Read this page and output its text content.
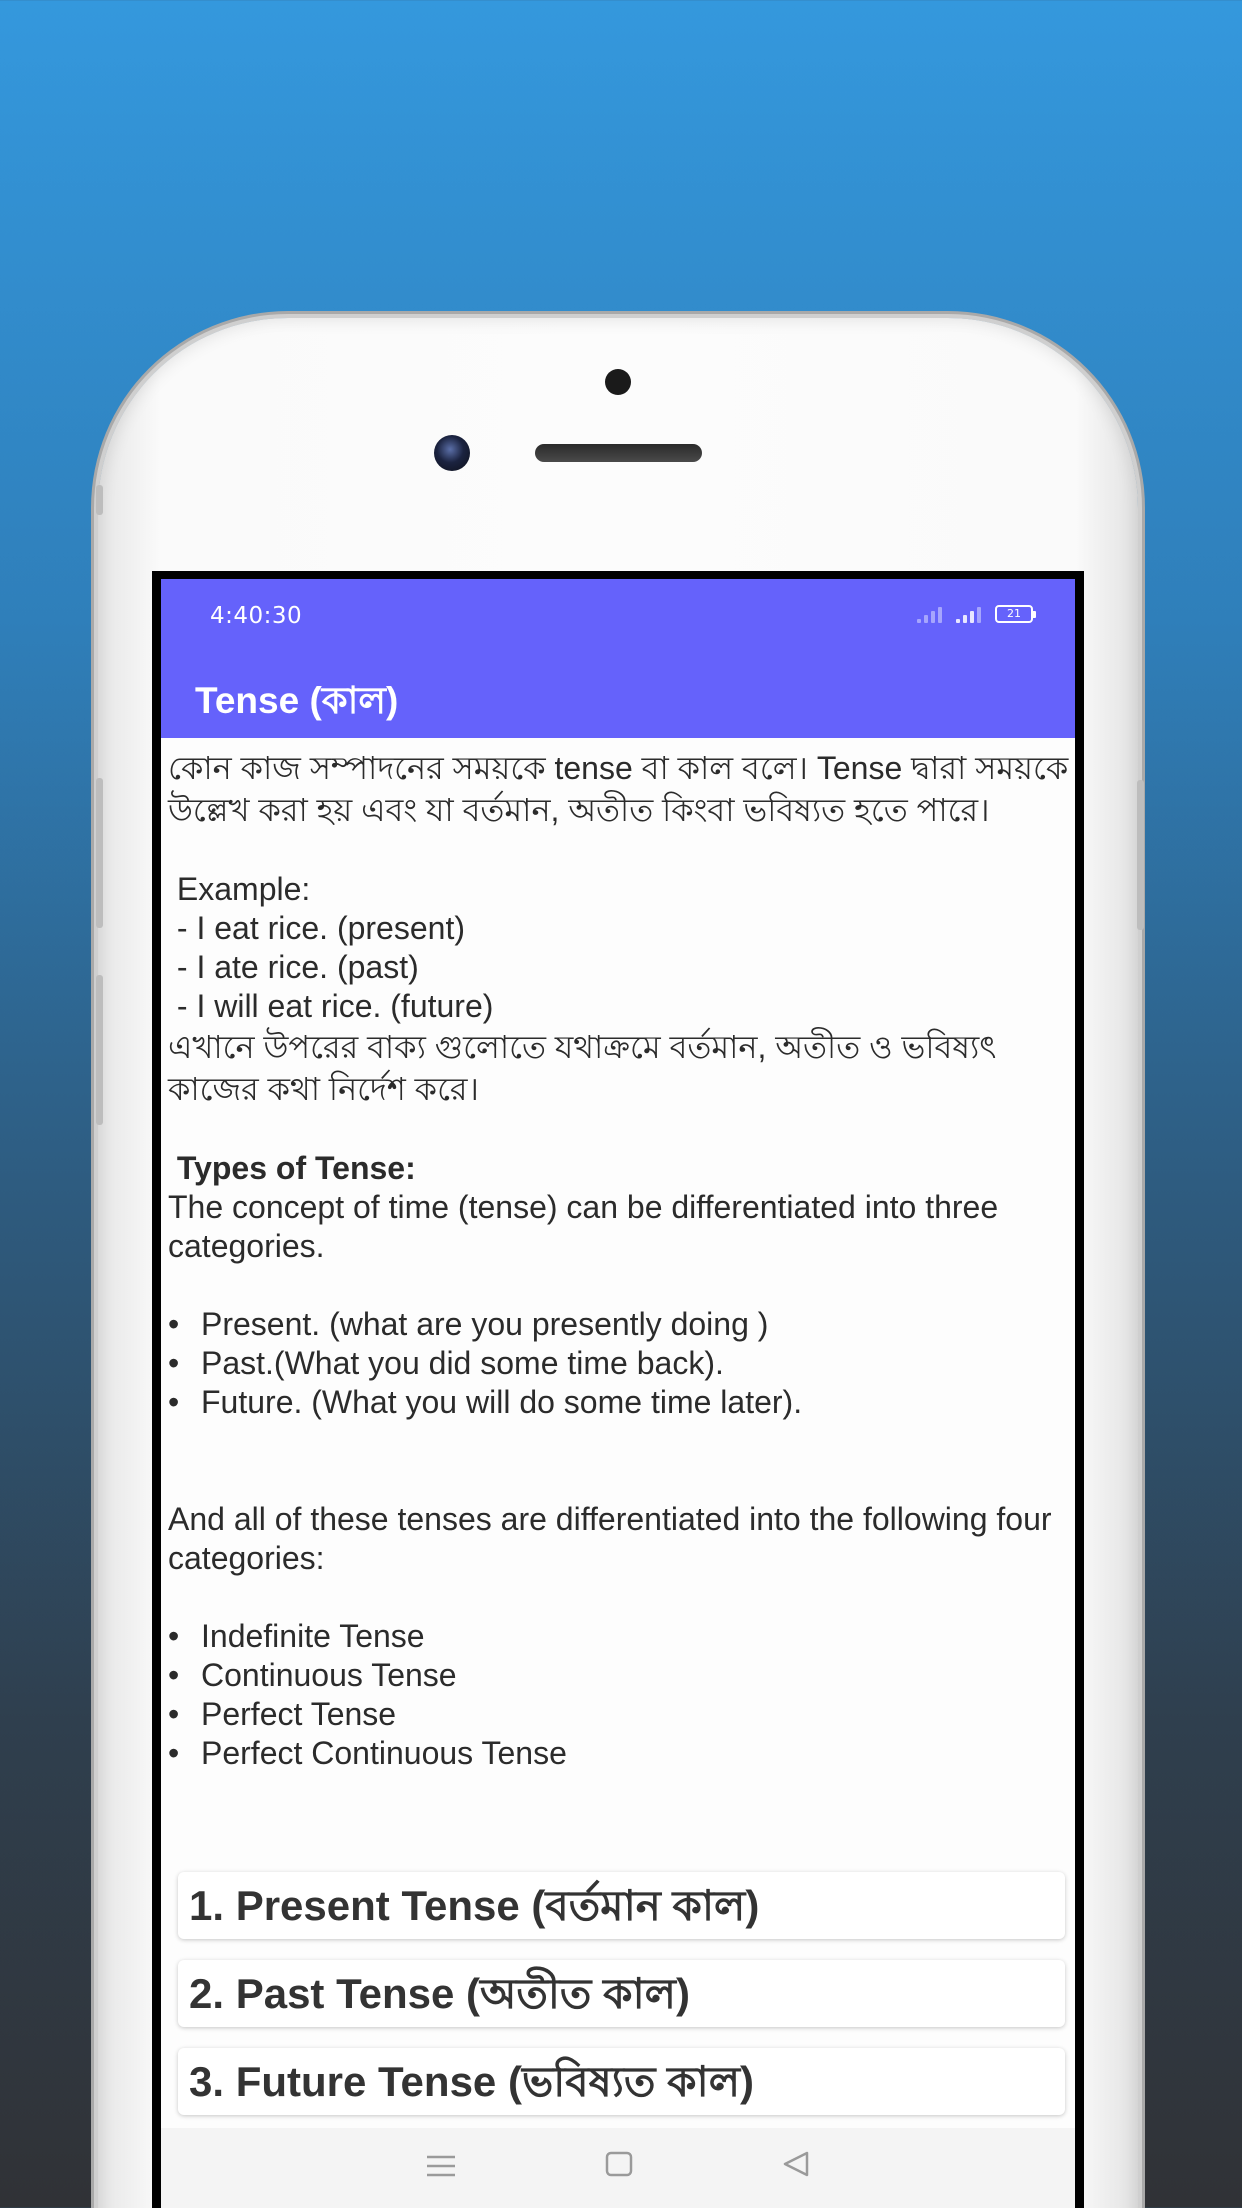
4:40:30	21
Tense (কাল)
কোন কাজ সম্পাদনের সময়কে tense বা কাল বলে। Tense দ্বারা সময়কে উল্লেখ করা হয় এবং যা বর্তমান, অতীত কিংবা ভবিষ্যত হতে পারে।
Example:
- I eat rice. (present)
- I ate rice. (past)
- I will eat rice. (future)
এখানে উপরের বাক্য গুলোতে যথাক্রমে বর্তমান, অতীত ও ভবিষ্যৎ কাজের কথা নির্দেশ করে।
Types of Tense:
The concept of time (tense) can be differentiated into three categories.
• Present. (what are you presently doing )
• Past.(What you did some time back).
• Future. (What you will do some time later).
And all of these tenses are differentiated into the following four categories:
• Indefinite Tense
• Continuous Tense
• Perfect Tense
• Perfect Continuous Tense
1. Present Tense (বর্তমান কাল)
2. Past Tense (অতীত কাল)
3. Future Tense (ভবিষ্যত কাল)
